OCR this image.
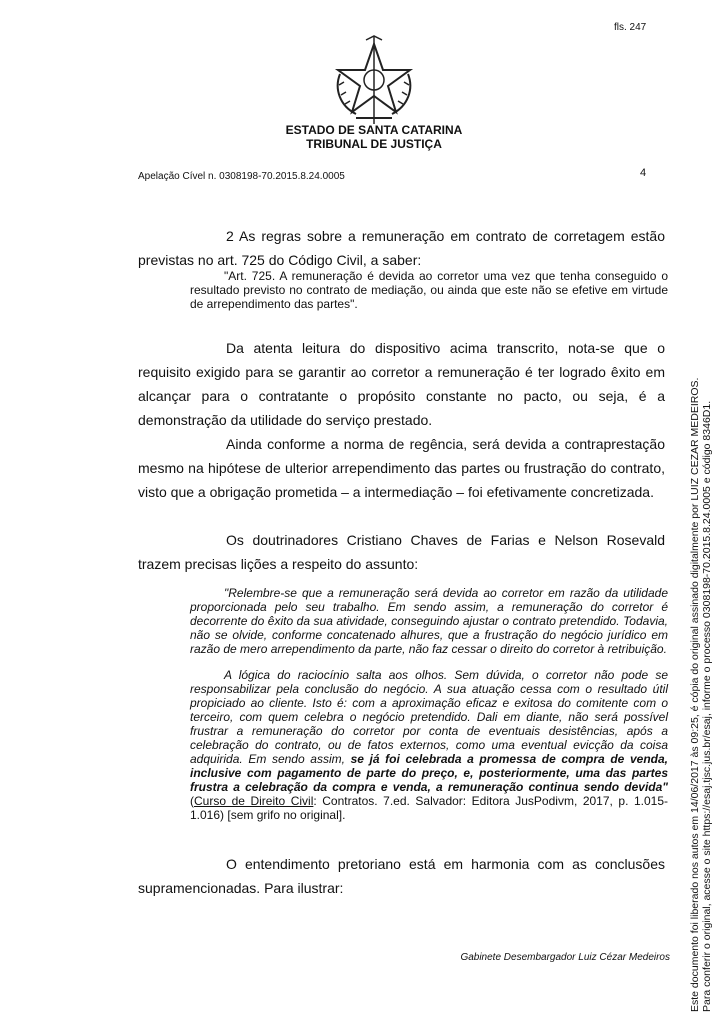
fls. 247
ESTADO DE SANTA CATARINA
TRIBUNAL DE JUSTIÇA
Apelação Cível n. 0308198-70.2015.8.24.0005	4
2 As regras sobre a remuneração em contrato de corretagem estão previstas no art. 725 do Código Civil, a saber:
"Art. 725. A remuneração é devida ao corretor uma vez que tenha conseguido o resultado previsto no contrato de mediação, ou ainda que este não se efetive em virtude de arrependimento das partes".
Da atenta leitura do dispositivo acima transcrito, nota-se que o requisito exigido para se garantir ao corretor a remuneração é ter logrado êxito em alcançar para o contratante o propósito constante no pacto, ou seja, é a demonstração da utilidade do serviço prestado.
Ainda conforme a norma de regência, será devida a contraprestação mesmo na hipótese de ulterior arrependimento das partes ou frustração do contrato, visto que a obrigação prometida – a intermediação – foi efetivamente concretizada.
Os doutrinadores Cristiano Chaves de Farias e Nelson Rosevald trazem precisas lições a respeito do assunto:
"Relembre-se que a remuneração será devida ao corretor em razão da utilidade proporcionada pelo seu trabalho. Em sendo assim, a remuneração do corretor é decorrente do êxito da sua atividade, conseguindo ajustar o contrato pretendido. Todavia, não se olvide, conforme concatenado alhures, que a frustração do negócio jurídico em razão de mero arrependimento da parte, não faz cessar o direito do corretor à retribuição.
A lógica do raciocínio salta aos olhos. Sem dúvida, o corretor não pode se responsabilizar pela conclusão do negócio. A sua atuação cessa com o resultado útil propiciado ao cliente. Isto é: com a aproximação eficaz e exitosa do comitente com o terceiro, com quem celebra o negócio pretendido. Dali em diante, não será possível frustrar a remuneração do corretor por conta de eventuais desistências, após a celebração do contrato, ou de fatos externos, como uma eventual evicção da coisa adquirida. Em sendo assim, se já foi celebrada a promessa de compra de venda, inclusive com pagamento de parte do preço, e, posteriormente, uma das partes frustra a celebração da compra e venda, a remuneração continua sendo devida" (Curso de Direito Civil: Contratos. 7.ed. Salvador: Editora JusPodivm, 2017, p. 1.015-1.016) [sem grifo no original].
O entendimento pretoriano está em harmonia com as conclusões supramencionadas. Para ilustrar:
Gabinete Desembargador Luiz Cézar Medeiros Este documento foi liberado nos autos em 14/06/2017 às 09:25, é cópia do original assinado digitalmente por LUIZ CEZAR MEDEIROS. Para conferir o original, acesse o site https://esaj.tjsc.jus.br/esaj, informe o processo 0308198-70.2015.8.24.0005 e código 8346D1.
